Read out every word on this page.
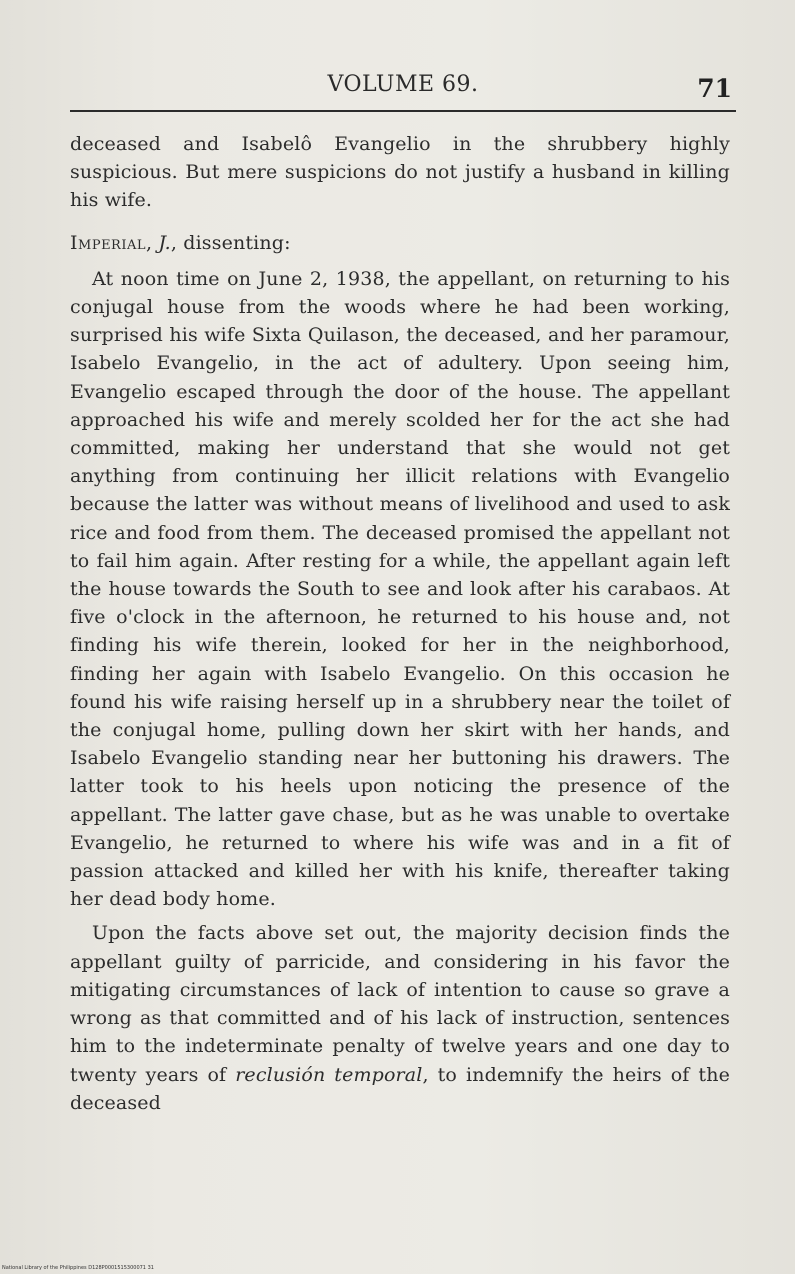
VOLUME 69.	71

deceased and Isabelô Evangelio in the shrubbery highly suspicious. But mere suspicions do not justify a husband in killing his wife.

Imperial, J., dissenting:

At noon time on June 2, 1938, the appellant, on returning to his conjugal house from the woods where he had been working, surprised his wife Sixta Quilason, the deceased, and her paramour, Isabelo Evangelio, in the act of adultery. Upon seeing him, Evangelio escaped through the door of the house. The appellant approached his wife and merely scolded her for the act she had committed, making her understand that she would not get anything from continuing her illicit relations with Evangelio because the latter was without means of livelihood and used to ask rice and food from them. The deceased promised the appellant not to fail him again. After resting for a while, the appellant again left the house towards the South to see and look after his carabaos. At five o'clock in the afternoon, he returned to his house and, not finding his wife therein, looked for her in the neighborhood, finding her again with Isabelo Evangelio. On this occasion he found his wife raising herself up in a shrubbery near the toilet of the conjugal home, pulling down her skirt with her hands, and Isabelo Evangelio standing near her buttoning his drawers. The latter took to his heels upon noticing the presence of the appellant. The latter gave chase, but as he was unable to overtake Evangelio, he returned to where his wife was and in a fit of passion attacked and killed her with his knife, thereafter taking her dead body home.

Upon the facts above set out, the majority decision finds the appellant guilty of parricide, and considering in his favor the mitigating circumstances of lack of intention to cause so grave a wrong as that committed and of his lack of instruction, sentences him to the indeterminate penalty of twelve years and one day to twenty years of reclusión temporal, to indemnify the heirs of the deceased

National Library of the Philippines D128P0001515300071 31
